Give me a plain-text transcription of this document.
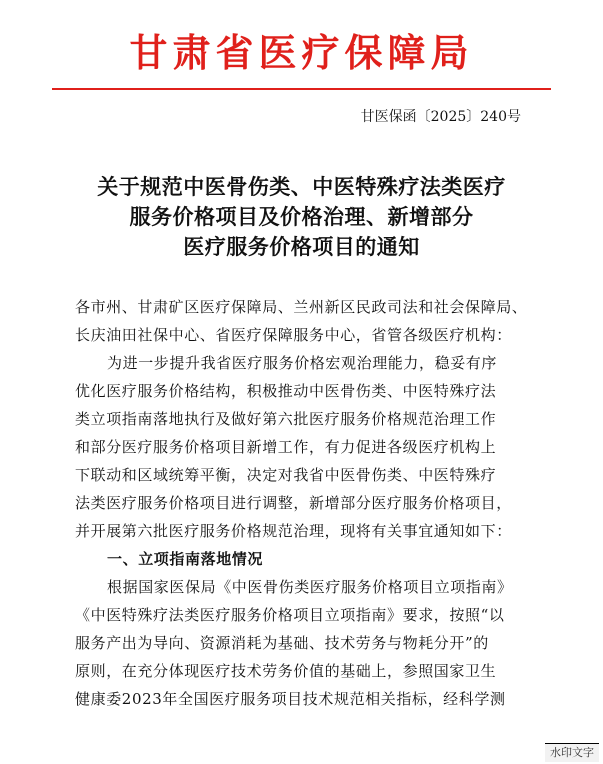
甘肃省医疗保障局
甘医保函〔2025〕240号
关于规范中医骨伤类、中医特殊疗法类医疗
服务价格项目及价格治理、新增部分
医疗服务价格项目的通知
各市州、甘肃矿区医疗保障局、兰州新区民政司法和社会保障局、
长庆油田社保中心、省医疗保障服务中心，省管各级医疗机构：
为进一步提升我省医疗服务价格宏观治理能力，稳妥有序
优化医疗服务价格结构，积极推动中医骨伤类、中医特殊疗法
类立项指南落地执行及做好第六批医疗服务价格规范治理工作
和部分医疗服务价格项目新增工作，有力促进各级医疗机构上
下联动和区域统筹平衡，决定对我省中医骨伤类、中医特殊疗
法类医疗服务价格项目进行调整，新增部分医疗服务价格项目，
并开展第六批医疗服务价格规范治理，现将有关事宜通知如下：
一、立项指南落地情况
根据国家医保局《中医骨伤类医疗服务价格项目立项指南》
《中医特殊疗法类医疗服务价格项目立项指南》要求，按照“以
服务产出为导向、资源消耗为基础、技术劳务与物耗分开”的
原则，在充分体现医疗技术劳务价值的基础上，参照国家卫生
健康委2023年全国医疗服务项目技术规范相关指标，经科学测
水印文字
